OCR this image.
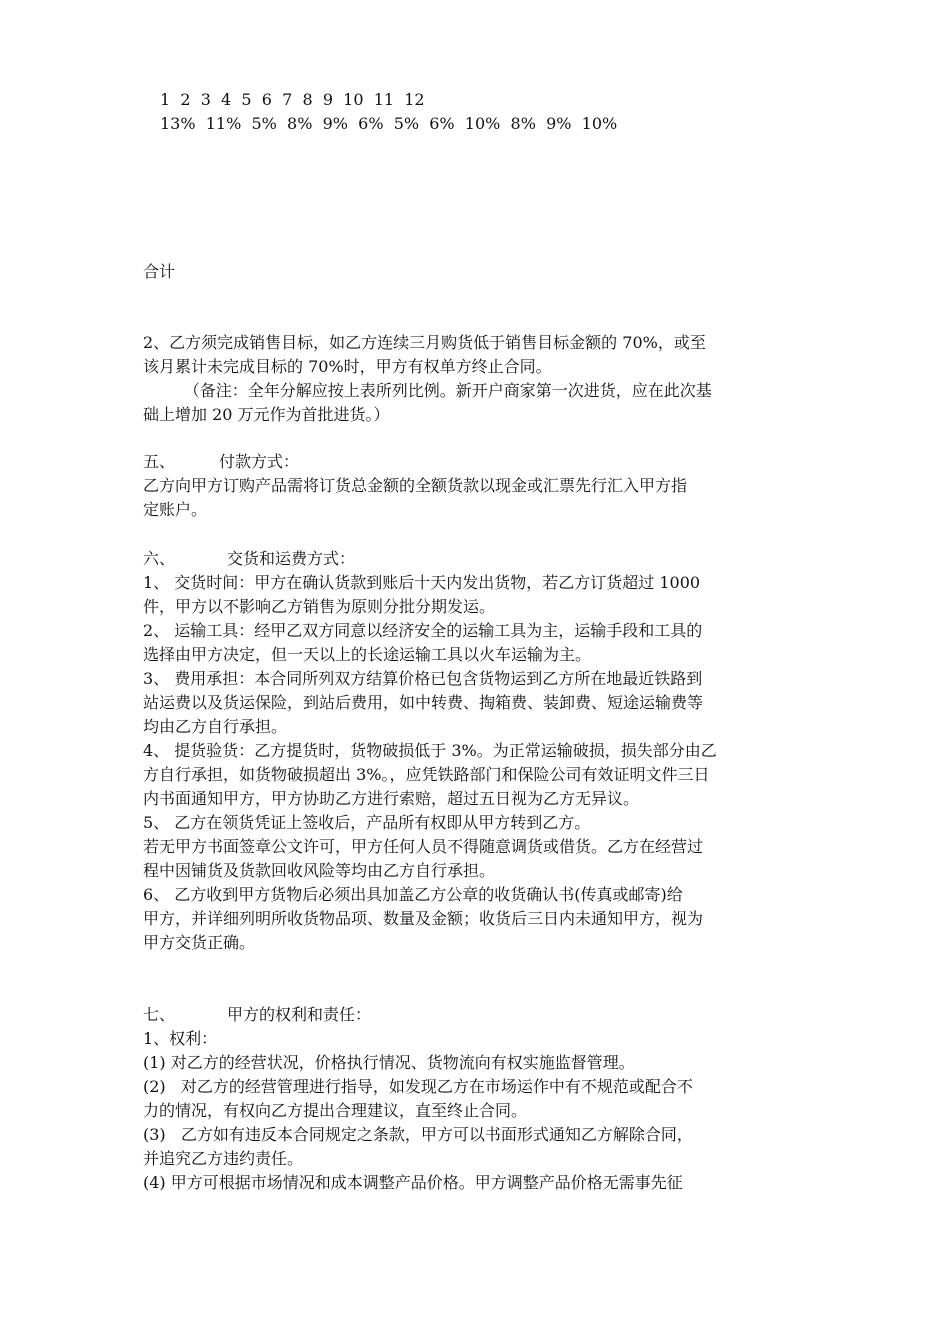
1  2  3  4  5  6  7  8  9  10  11  12
13%  11%  5%  8%  9%  6%  5%  6%  10%  8%  9%  10%
合计
2、乙方须完成销售目标，如乙方连续三月购货低于销售目标金额的 70%，或至
该月累计未完成目标的 70%时，甲方有权单方终止合同。
（备注：全年分解应按上表所列比例。新开户商家第一次进货，应在此次基
础上增加 20 万元作为首批进货。）
五、	付款方式：
乙方向甲方订购产品需将订货总金额的全额货款以现金或汇票先行汇入甲方指
定账户。
六、	交货和运费方式：
1、 交货时间：甲方在确认货款到账后十天内发出货物，若乙方订货超过 1000
件，甲方以不影响乙方销售为原则分批分期发运。
2、 运输工具：经甲乙双方同意以经济安全的运输工具为主，运输手段和工具的
选择由甲方决定，但一天以上的长途运输工具以火车运输为主。
3、 费用承担：本合同所列双方结算价格已包含货物运到乙方所在地最近铁路到
站运费以及货运保险，到站后费用，如中转费、掏箱费、装卸费、短途运输费等
均由乙方自行承担。
4、 提货验货：乙方提货时，货物破损低于 3%。为正常运输破损，损失部分由乙
方自行承担，如货物破损超出 3%。，应凭铁路部门和保险公司有效证明文件三日
内书面通知甲方，甲方协助乙方进行索赔，超过五日视为乙方无异议。
5、 乙方在领货凭证上签收后，产品所有权即从甲方转到乙方。
若无甲方书面签章公文许可，甲方任何人员不得随意调货或借货。乙方在经营过
程中因铺货及货款回收风险等均由乙方自行承担。
6、 乙方收到甲方货物后必须出具加盖乙方公章的收货确认书(传真或邮寄)给
甲方，并详细列明所收货物品项、数量及金额；收货后三日内未通知甲方，视为
甲方交货正确。
七、	甲方的权利和责任：
1、权利：
(1) 对乙方的经营状况，价格执行情况、货物流向有权实施监督管理。
(2)   对乙方的经营管理进行指导，如发现乙方在市场运作中有不规范或配合不
力的情况，有权向乙方提出合理建议，直至终止合同。
(3)   乙方如有违反本合同规定之条款，甲方可以书面形式通知乙方解除合同，
并追究乙方违约责任。
(4) 甲方可根据市场情况和成本调整产品价格。甲方调整产品价格无需事先征
